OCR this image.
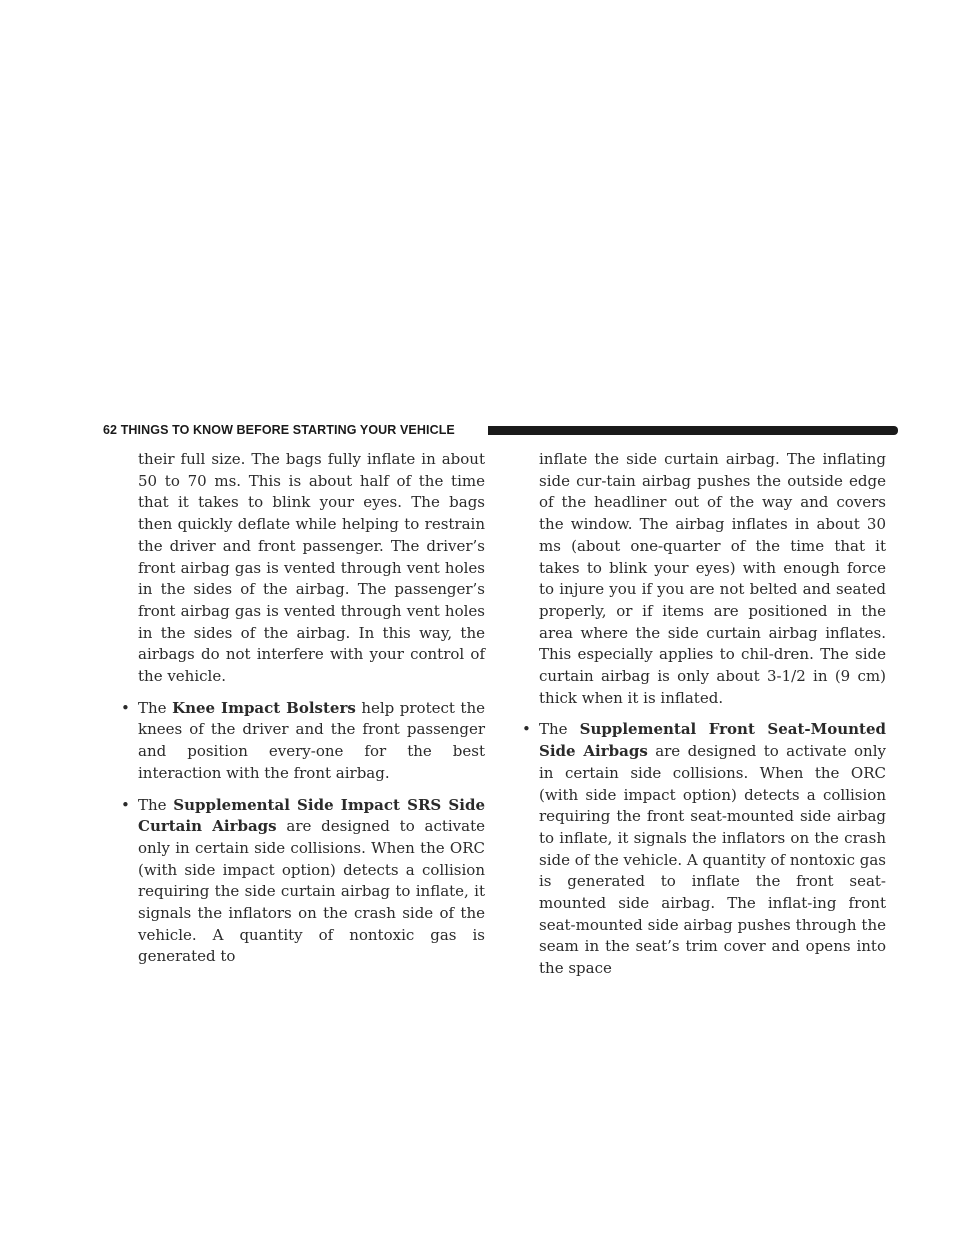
62 THINGS TO KNOW BEFORE STARTING YOUR VEHICLE

their full size. The bags fully inflate in about 50 to 70 ms. This is about half of the time that it takes to blink your eyes. The bags then quickly deflate while helping to restrain the driver and front passenger. The driver’s front airbag gas is vented through vent holes in the sides of the airbag. The passenger’s front airbag gas is vented through vent holes in the sides of the airbag. In this way, the airbags do not interfere with your control of the vehicle.

• The Knee Impact Bolsters help protect the knees of the driver and the front passenger and position every-one for the best interaction with the front airbag.
• The Supplemental Side Impact SRS Side Curtain Airbags are designed to activate only in certain side collisions. When the ORC (with side impact option) detects a collision requiring the side curtain airbag to inflate, it signals the inflators on the crash side of the vehicle. A quantity of nontoxic gas is generated to

inflate the side curtain airbag. The inflating side cur-tain airbag pushes the outside edge of the headliner out of the way and covers the window. The airbag inflates in about 30 ms (about one-quarter of the time that it takes to blink your eyes) with enough force to injure you if you are not belted and seated properly, or if items are positioned in the area where the side curtain airbag inflates. This especially applies to chil-dren. The side curtain airbag is only about 3-1/2 in (9 cm) thick when it is inflated.

• The Supplemental Front Seat-Mounted Side Airbags are designed to activate only in certain side collisions. When the ORC (with side impact option) detects a collision requiring the front seat-mounted side airbag to inflate, it signals the inflators on the crash side of the vehicle. A quantity of nontoxic gas is generated to inflate the front seat-mounted side airbag. The inflat-ing front seat-mounted side airbag pushes through the seam in the seat’s trim cover and opens into the space
